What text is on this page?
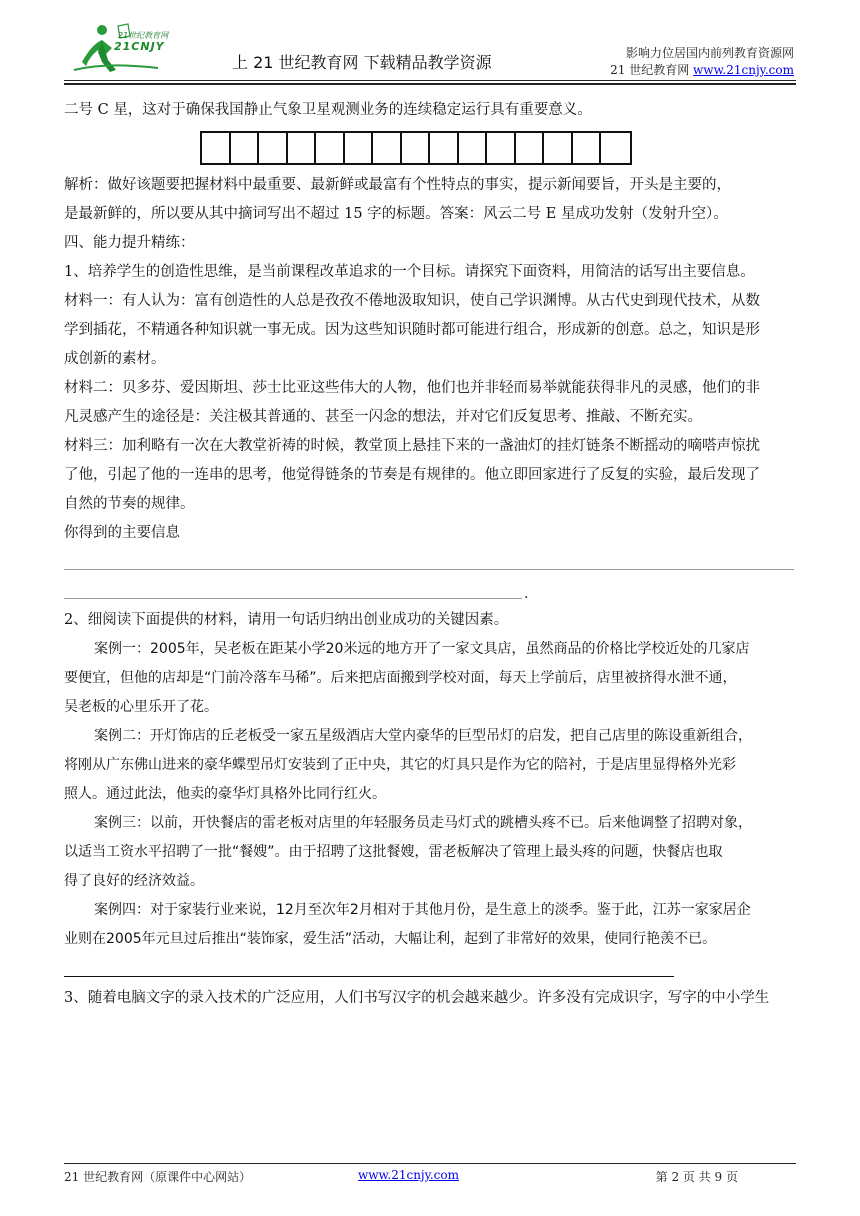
21世纪教育网
21CNJY
上 21 世纪教育网 下载精品教学资源	影响力位居国内前列教育资源网
21 世纪教育网 www.21cnjy.com

二号 C 星，这对于确保我国静止气象卫星观测业务的连续稳定运行具有重要意义。

解析：做好该题要把握材料中最重要、最新鲜或最富有个性特点的事实，提示新闻要旨，开头是主要的，

是最新鲜的，所以要从其中摘词写出不超过 15 字的标题。答案：风云二号 E 星成功发射（发射升空）。

四、能力提升精练：

1、培养学生的创造性思维，是当前课程改革追求的一个目标。请探究下面资料，用简洁的话写出主要信息。

材料一：有人认为：富有创造性的人总是孜孜不倦地汲取知识，使自己学识渊博。从古代史到现代技术，从数

学到插花，不精通各种知识就一事无成。因为这些知识随时都可能进行组合，形成新的创意。总之，知识是形

成创新的素材。

材料二：贝多芬、爱因斯坦、莎士比亚这些伟大的人物，他们也并非轻而易举就能获得非凡的灵感，他们的非

凡灵感产生的途径是：关注极其普通的、甚至一闪念的想法，并对它们反复思考、推敲、不断充实。

材料三：加利略有一次在大教堂祈祷的时候，教堂顶上悬挂下来的一盏油灯的挂灯链条不断摇动的嘀嗒声惊扰

了他，引起了他的一连串的思考，他觉得链条的节奏是有规律的。他立即回家进行了反复的实验，最后发现了

自然的节奏的规律。

你得到的主要信息

.

2、细阅读下面提供的材料，请用一句话归纳出创业成功的关键因素。

案例一：2005年，吴老板在距某小学20米远的地方开了一家文具店，虽然商品的价格比学校近处的几家店

要便宜，但他的店却是“门前冷落车马稀”。后来把店面搬到学校对面，每天上学前后，店里被挤得水泄不通，

吴老板的心里乐开了花。

案例二：开灯饰店的丘老板受一家五星级酒店大堂内豪华的巨型吊灯的启发，把自己店里的陈设重新组合，

将刚从广东佛山进来的豪华蝶型吊灯安装到了正中央，其它的灯具只是作为它的陪衬，于是店里显得格外光彩

照人。通过此法，他卖的豪华灯具格外比同行红火。

案例三：以前，开快餐店的雷老板对店里的年轻服务员走马灯式的跳槽头疼不已。后来他调整了招聘对象，

以适当工资水平招聘了一批“餐嫂”。由于招聘了这批餐嫂，雷老板解决了管理上最头疼的问题，快餐店也取

得了良好的经济效益。

案例四：对于家装行业来说，12月至次年2月相对于其他月份，是生意上的淡季。鉴于此，江苏一家家居企

业则在2005年元旦过后推出“装饰家，爱生活”活动，大幅让利，起到了非常好的效果，使同行艳羡不已。

3、随着电脑文字的录入技术的广泛应用，人们书写汉字的机会越来越少。许多没有完成识字，写字的中小学生

21 世纪教育网（原课件中心网站）	www.21cnjy.com	第 2 页 共 9 页
